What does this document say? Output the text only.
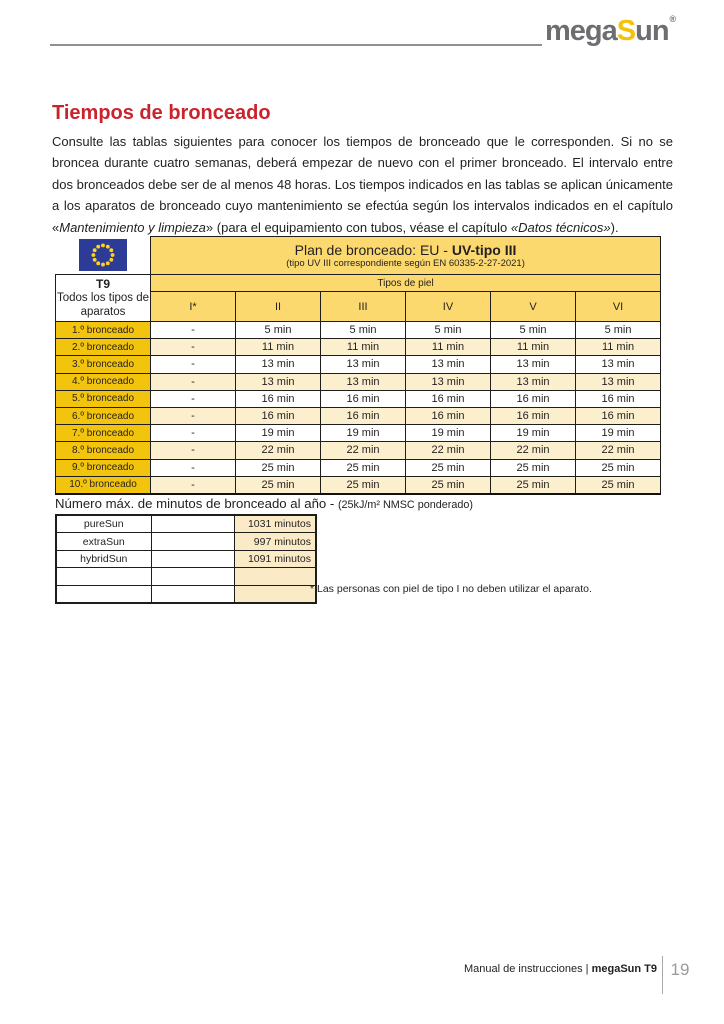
megaSun®
Tiempos de bronceado

Consulte las tablas siguientes para conocer los tiempos de bronceado que le corresponden. Si no se broncea durante cuatro semanas, deberá empezar de nuevo con el primer bronceado. El intervalo entre dos bronceados debe ser de al menos 48 horas. Los tiempos indicados en las tablas se aplican únicamente a los aparatos de bronceado cuyo mantenimiento se efectúa según los intervalos indicados en el capítulo «Mantenimiento y limpieza» (para el equipamiento con tubos, véase el capítulo «Datos técnicos»).

Plan de bronceado: EU - UV-tipo III
(tipo UV III correspondiente según EN 60335-2-27-2021)					

T9
Todos los tipos de aparatos	Tipos de piel					
	I*	II	III	IV	V	VI
1.º bronceado	-	5 min	5 min	5 min	5 min	5 min
2.º bronceado	-	11 min	11 min	11 min	11 min	11 min
3.º bronceado	-	13 min	13 min	13 min	13 min	13 min
4.º bronceado	-	13 min	13 min	13 min	13 min	13 min
5.º bronceado	-	16 min	16 min	16 min	16 min	16 min
6.º bronceado	-	16 min	16 min	16 min	16 min	16 min
7.º bronceado	-	19 min	19 min	19 min	19 min	19 min
8.º bronceado	-	22 min	22 min	22 min	22 min	22 min
9.º bronceado	-	25 min	25 min	25 min	25 min	25 min
10.º bronceado	-	25 min	25 min	25 min	25 min	25 min
Número máx. de minutos de bronceado al año - (25kJ/m² NMSC ponderado)
pureSun		1031 minutos
extraSun		997 minutos
hybridSun		1091 minutos

* Las personas con piel de tipo I no deben utilizar el aparato.
Manual de instrucciones | megaSun T9 19
